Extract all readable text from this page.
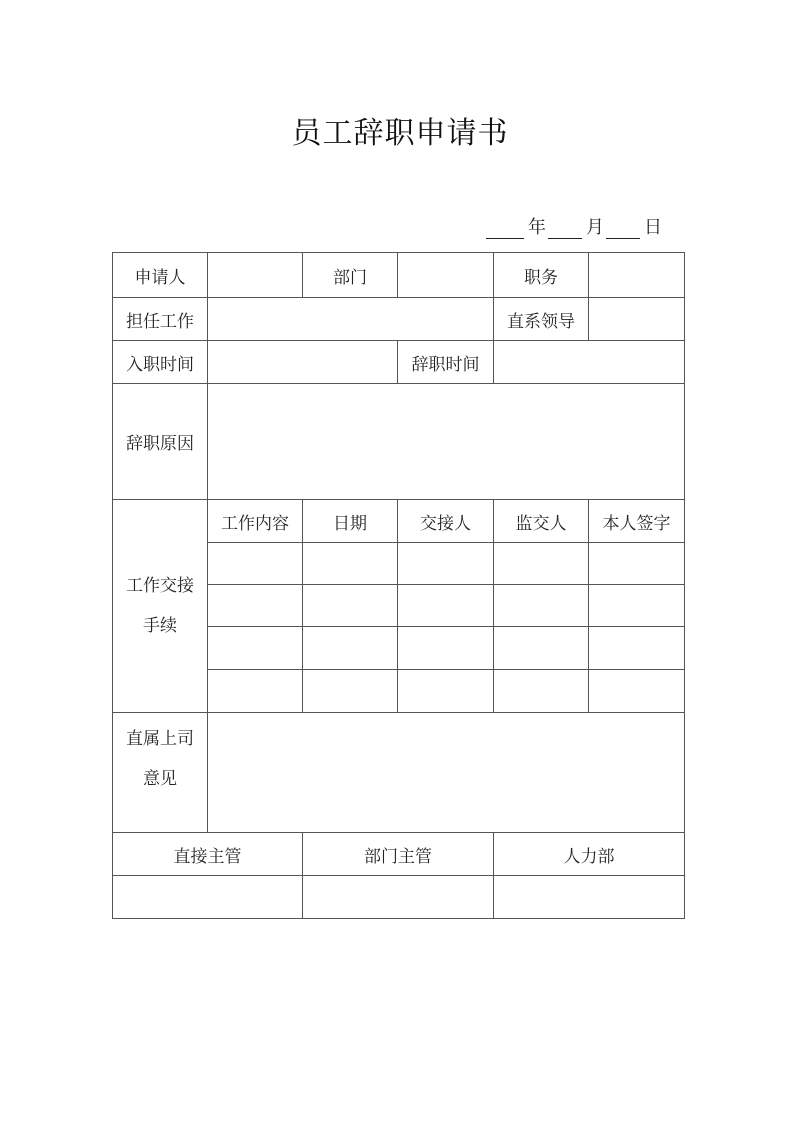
员工辞职申请书
年 月 日
申请人		部门		职务	
担任工作				直系领导	
入职时间			辞职时间		
辞职原因					

工作交接
手续	工作内容	日期	交接人	监交人	本人签字

直属上司
意见					

直接主管		部门主管		人力部	
